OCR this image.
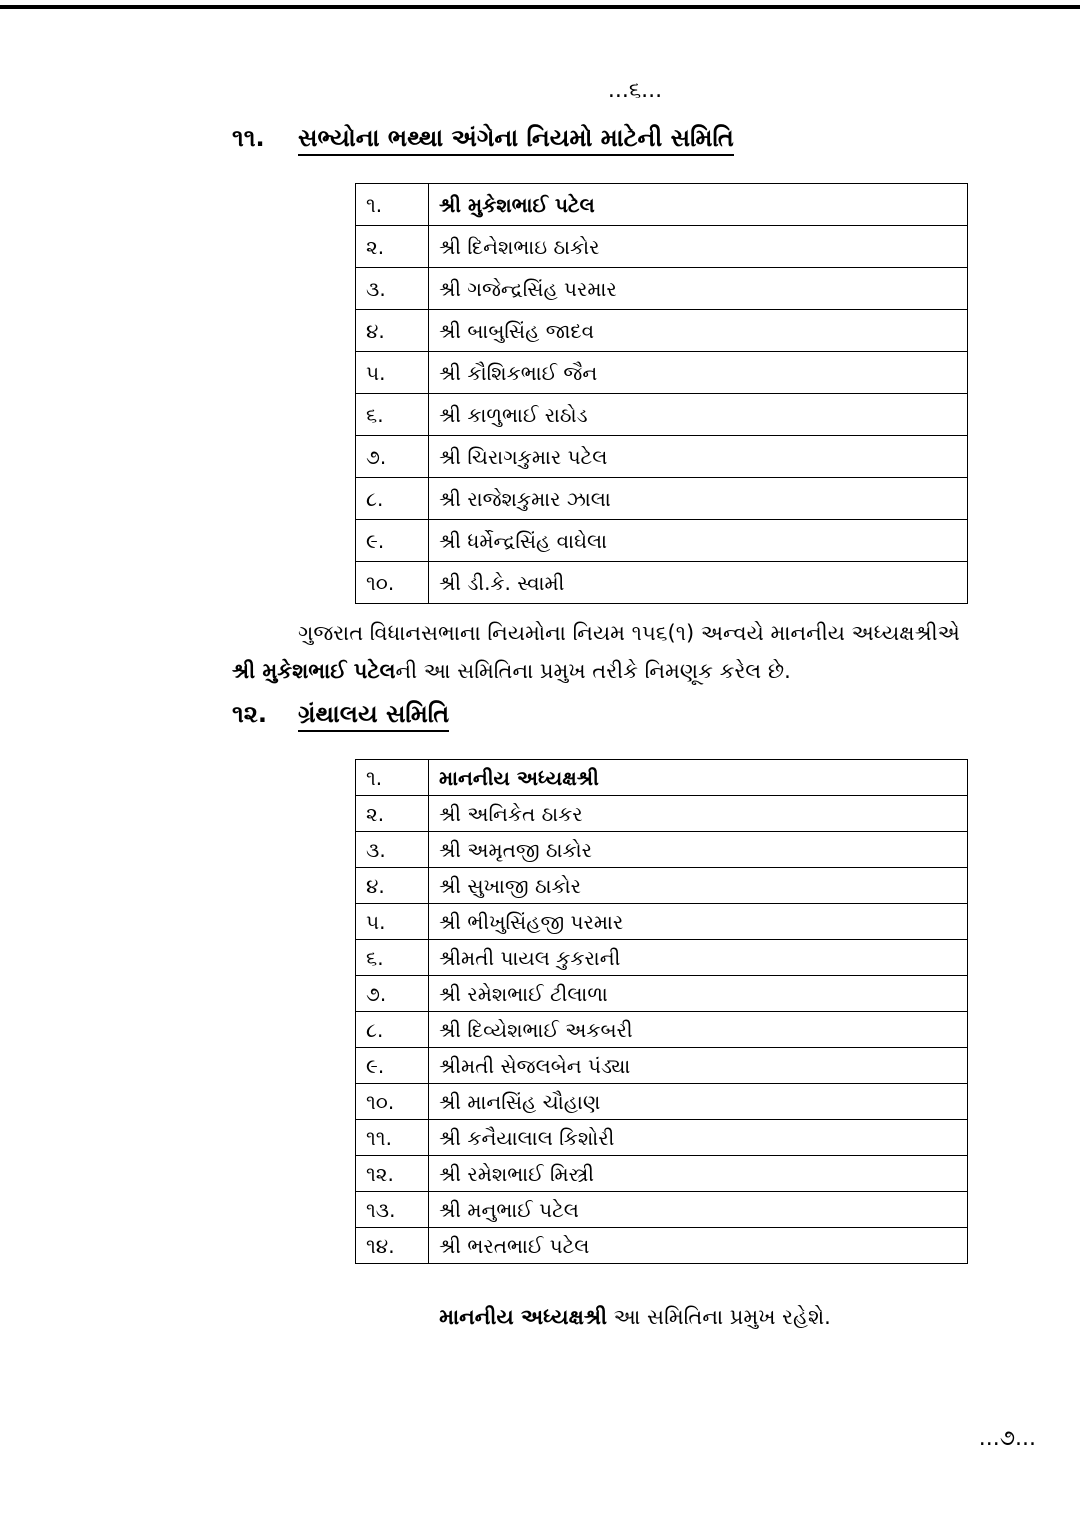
...૬...
૧૧.	સભ્યોના ભથ્થા અંગેના નિયમો માટેની સમિતિ
૧.	શ્રી મુકેશભાઈ પટેલ
૨.	શ્રી દિનેશભાઇ ઠાકોર
૩.	શ્રી ગજેન્દ્રસિંહ પરમાર
૪.	શ્રી બાબુસિંહ જાદવ
૫.	શ્રી કૌશિકભાઈ જૈન
૬.	શ્રી કાળુભાઈ રાઠોડ
૭.	શ્રી ચિરાગકુમાર પટેલ
૮.	શ્રી રાજેશકુમાર ઝાલા
૯.	શ્રી ધર્મેન્દ્રસિંહ વાઘેલા
૧૦.	શ્રી ડી.કે. સ્વામી
ગુજરાત વિધાનસભાના નિયમોના નિયમ ૧૫૬(૧) અન્વયે માનનીય અધ્યક્ષશ્રીએ
શ્રી મુકેશભાઈ પટેલની આ સમિતિના પ્રમુખ તરીકે નિમણૂક કરેલ છે.
૧૨.	ગ્રંથાલય સમિતિ
૧.	માનનીય અધ્યક્ષશ્રી
૨.	શ્રી અનિકેત ઠાકર
૩.	શ્રી અમૃતજી ઠાકોર
૪.	શ્રી સુખાજી ઠાકોર
૫.	શ્રી ભીખુસિંહજી પરમાર
૬.	શ્રીમતી પાયલ કુકરાની
૭.	શ્રી રમેશભાઈ ટીલાળા
૮.	શ્રી દિવ્યેશભાઈ અકબરી
૯.	શ્રીમતી સેજલબેન પંડ્યા
૧૦.	શ્રી માનસિંહ ચૌહાણ
૧૧.	શ્રી કનૈયાલાલ કિશોરી
૧૨.	શ્રી રમેશભાઈ મિસ્ત્રી
૧૩.	શ્રી મનુભાઈ પટેલ
૧૪.	શ્રી ભરતભાઈ પટેલ
માનનીય અધ્યક્ષશ્રી આ સમિતિના પ્રમુખ રહેશે.
...૭...
